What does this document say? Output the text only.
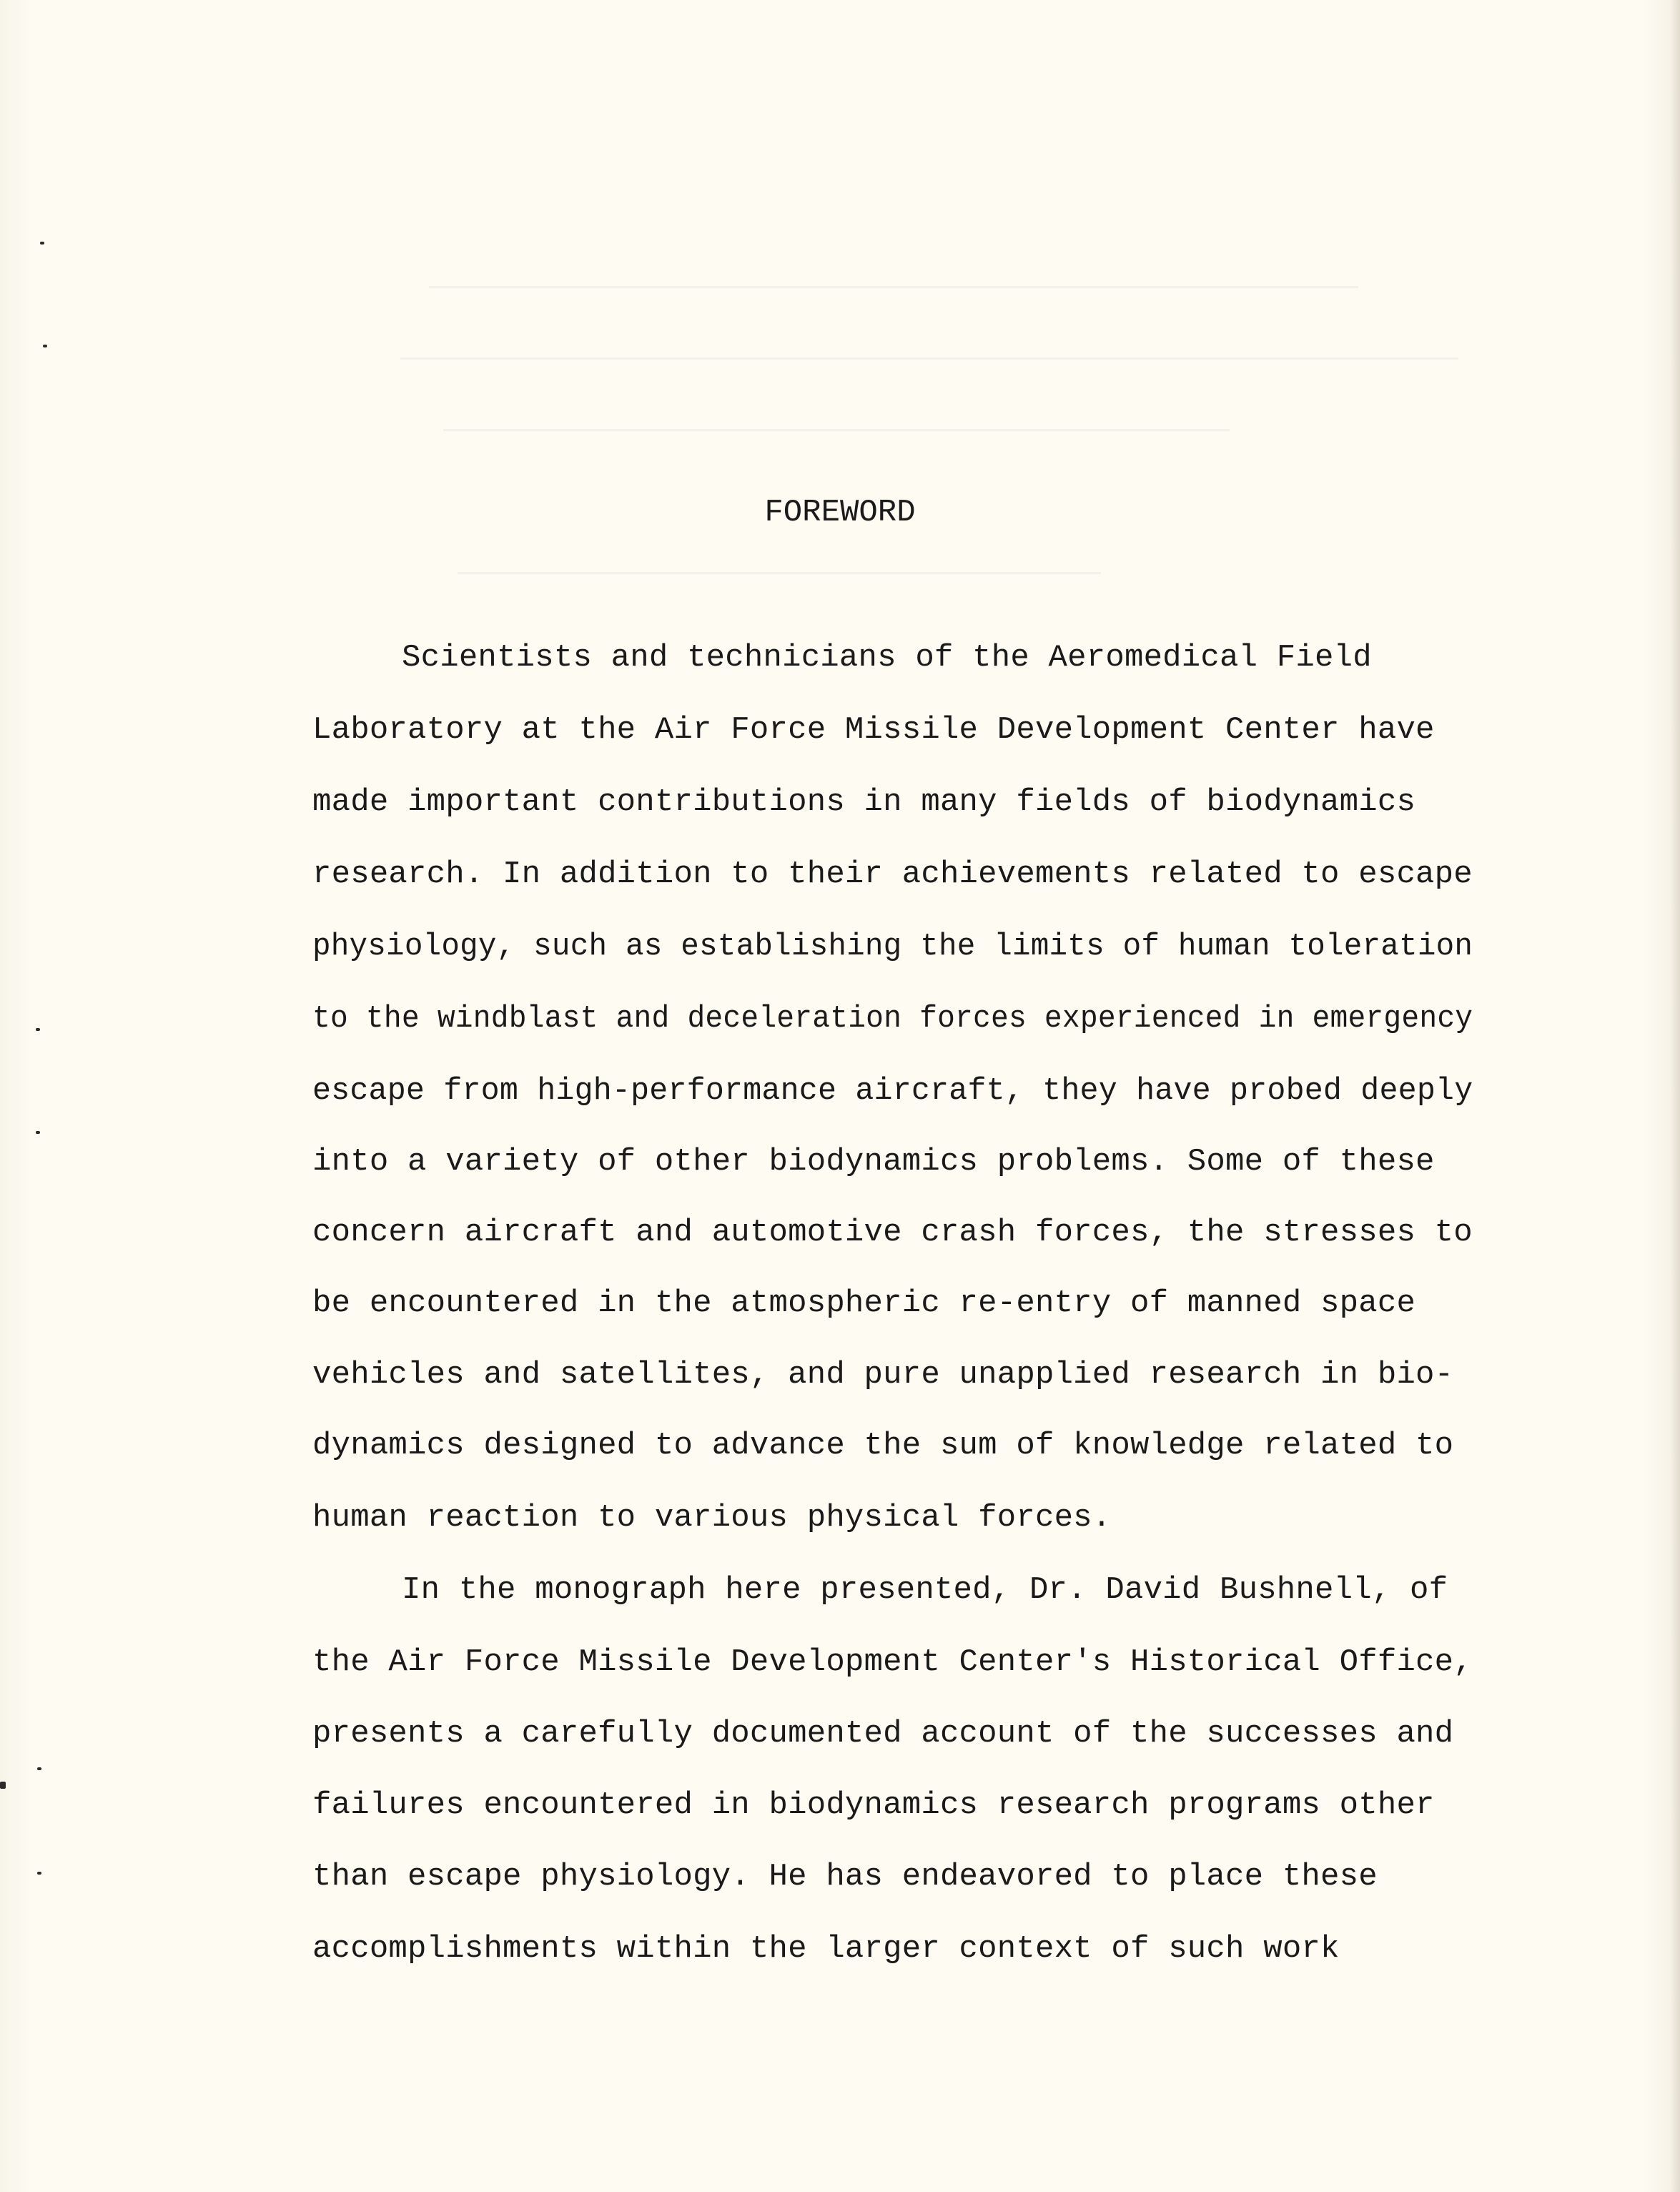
FOREWORD
Scientists and technicians of the Aeromedical Field
Laboratory at the Air Force Missile Development Center have
made important contributions in many fields of biodynamics
research. In addition to their achievements related to escape
physiology, such as establishing the limits of human toleration
to the windblast and deceleration forces experienced in emergency
escape from high-performance aircraft, they have probed deeply
into a variety of other biodynamics problems. Some of these
concern aircraft and automotive crash forces, the stresses to
be encountered in the atmospheric re-entry of manned space
vehicles and satellites, and pure unapplied research in bio-
dynamics designed to advance the sum of knowledge related to
human reaction to various physical forces.
In the monograph here presented, Dr. David Bushnell, of
the Air Force Missile Development Center's Historical Office,
presents a carefully documented account of the successes and
failures encountered in biodynamics research programs other
than escape physiology. He has endeavored to place these
accomplishments within the larger context of such work
